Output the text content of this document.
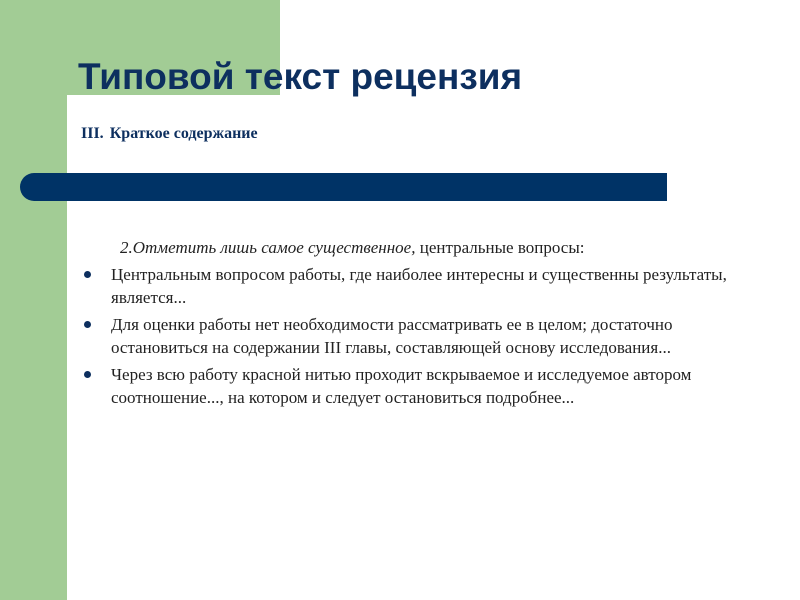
Типовой текст рецензия
III. Краткое содержание

2.Отметить лишь самое существенное, центральные вопросы:

Центральным вопросом работы, где наиболее интересны и существенны результаты, является...
Для оценки работы нет необходимости рассматривать ее в целом; достаточно остановиться на содержании III главы, составляющей основу исследования...
Через всю работу красной нитью проходит вскрываемое и исследуемое автором соотношение..., на котором и следует остановиться подробнее...
